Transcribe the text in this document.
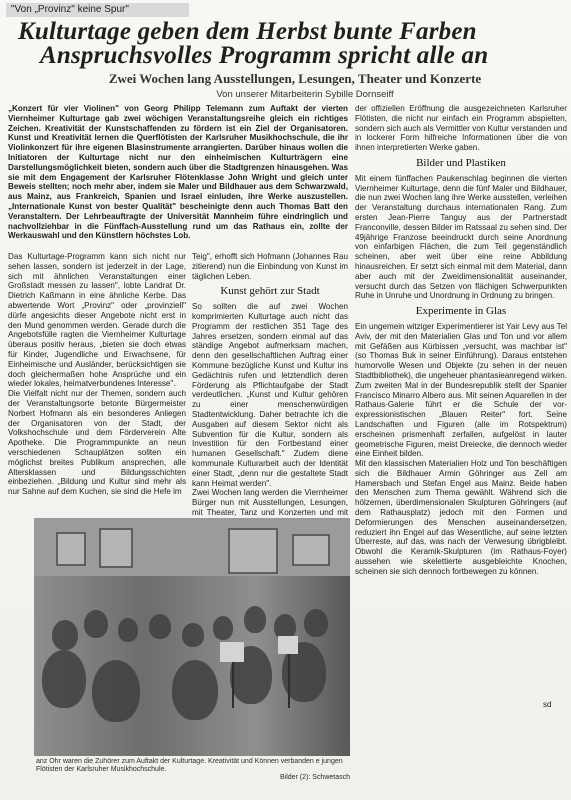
"Von „Provinz" keine Spur"
Kulturtage geben dem Herbst bunte Farben
Anspruchsvolles Programm spricht alle an
Zwei Wochen lang Ausstellungen, Lesungen, Theater und Konzerte
Von unserer Mitarbeiterin Sybille Dornseiff

„Konzert für vier Violinen" von Georg Philipp Telemann zum Auftakt der vierten Viernheimer Kulturtage gab zwei wöchigen Veranstaltungsreihe gleich ein richtiges Zeichen. Kreativität der Kunstschaffenden zu fördern ist ein Ziel der Organisatoren. Kunst und Kreativität lernen die Querflötisten der Karlsruher Musikhochschule, die ihr Violinkonzert für ihre eigenen Blasinstrumente arrangierten. Darüber hinaus wollen die Initiatoren der Kulturtage nicht nur den einheimischen Kulturträgern eine Darstellungsmöglichkeit bieten, sondern auch über die Stadtgrenzen hinausgehen. Was sie mit dem Engagement der Karlsruher Flötenklasse John Wright und gleich unter Beweis stellten; noch mehr aber, indem sie Maler und Bildhauer aus dem Schwarzwald, aus Mainz, aus Frankreich, Spanien und Israel einluden, ihre Werke auszustellen. „Internationale Kunst von bester Qualität" bescheinigte denn auch Thomas Batt den Veranstaltern. Der Lehrbeauftragte der Universität Mannheim führe eindringlich und nachvollziehbar in die Fünffach-Ausstellung rund um das Rathaus ein, zollte der Werkauswahl und den Künstlern höchstes Lob.

Das Kulturtage-Programm kann sich nicht nur sehen lassen, sondern ist jederzeit in der Lage, sich mit ähnlichen Veranstaltungen einer Großstadt messen zu lassen", lobte Landrat Dr. Dietrich Kaßmann in eine ähnliche Kerbe. Das abwertende Wort „Provinz" oder „provinziell" dürfe angesichts dieser Angebote nicht erst in den Mund genommen werden. Gerade durch die Angebotsfülle ragten die Viernheimer Kulturtage überaus positiv heraus, „bieten sie doch etwas für Kinder, Jugendliche und Erwachsene, für Einheimische und Ausländer, berücksichtigen sie doch gleichermaßen hohe Ansprüche und ein wieder lokales, heimatverbundenes Interesse".

Die Vielfalt nicht nur der Themen, sondern auch der Veranstaltungsorte betonte Bürgermeister Norbert Hofmann als ein besonderes Anliegen der Organisatoren von der Stadt, der Volkshochschule und dem Förderverein Alte Apotheke. Die Programmpunkte an neun verschiedenen Schauplätzen sollten ein möglichst breites Publikum ansprechen, alle Altersklassen und Bildungsschichten einbeziehen. „Bildung und Kultur sind mehr als nur Sahne auf dem Kuchen, sie sind die Hefe im

Teig", erhofft sich Hofmann (Johannes Rau zitierend) nun die Einbindung von Kunst im täglichen Leben.

Kunst gehört zur Stadt

So sollten die auf zwei Wochen komprimierten Kulturtage auch nicht das Programm der restlichen 351 Tage des Jahres ersetzen, sondern einmal auf das ständige Angebot aufmerksam machen, denn den gesellschaftlichen Auftrag einer Kommune bezügliche Kunst und Kultur ins Gedächtnis rufen und letztendlich deren Förderung als Pflichtaufgabe der Stadt verdeutlichen. „Kunst und Kultur gehören zu einer menschenwürdigen Stadtentwicklung. Daher betrachte ich die Ausgaben auf diesem Sektor nicht als Subvention für die Kultur, sondern als Investition für den Fortbestand einer humanen Gesellschaft." Zudem diene kommunale Kulturarbeit auch der Identität einer Stadt, „denn nur die gestaltete Stadt kann Heimat werden".

Zwei Wochen lang werden die Viernheimer Bürger nun mit Ausstellungen, Lesungen, mit Theater, Tanz und Konzerten und mit

der offiziellen Eröffnung die ausgezeichneten Karlsruher Flötisten, die nicht nur einfach ein Programm abspielten, sondern sich auch als Vermittler von Kultur verstanden und in lockerer Form hilfreiche Informationen über die von ihnen interpretierten Werke gaben.

Bilder und Plastiken

Mit einem fünffachen Paukenschlag beginnen die vierten Viernheimer Kulturtage, denn die fünf Maler und Bildhauer, die nun zwei Wochen lang ihre Werke ausstellen, verleihen der Veranstaltung durchaus internationalen Rang. Zum ersten Jean-Pierre Tanguy aus der Partnerstadt Franconville, dessen Bilder im Ratssaal zu sehen sind. Der 49jährige Franzose beeindruckt durch seine Anordnung von einfarbigen Flächen, die zum Teil gegenständlich scheinen, aber weit über eine reine Abbildung hinausreichen. Er setzt sich einmal mit dem Material, dann aber auch mit der Zweidimensionalität auseinander, versucht durch das Setzen von flächigen Schwerpunkten Ruhe in Unruhe und Unordnung in Ordnung zu bringen.

Experimente in Glas

Ein ungemein witziger Experimentierer ist Yair Levy aus Tel Aviv, der mit den Materialien Glas und Ton und vor allem mit Gefäßen aus Kürbissen „versucht, was machbar ist" (so Thomas Buk in seiner Einführung). Daraus entstehen humorvolle Wesen und Objekte (zu sehen in der neuen Stadtbibliothek), die ungeheuer phantasieanregend wirken. Zum zweiten Mal in der Bundesrepublik stellt der Spanier Francisco Minarro Albero aus. Mit seinen Aquarellen in der Rathaus-Galerie führt er die Schule der vor-expressionistischen „Blauen Reiter" fort. Seine Landschaften und Figuren (alle im Rotspektrum) erscheinen prismenhaft zerfallen, aufgelöst in lauter geometrische Figuren, meist Dreiecke, die dennoch wieder eine Einheit bilden.

Mit den klassischen Materialien Holz und Ton beschäftigen sich die Bildhauer Armin Göhringer aus Zell am Hamersbach und Stefan Engel aus Mainz. Beide haben den Menschen zum Thema gewählt. Während sich die hölzernen, überdimensionalen Skulpturen Göhringers (auf dem Rathausplatz) jedoch mit den Formen und Deformierungen des Menschen auseinandersetzen, reduziert ihn Engel auf das Wesentliche, auf seine letzten Überreste, auf das, was nach der Verwesung übrigbleibt. Obwohl die Keramik-Skulpturen (im Rathaus-Foyer) aussehen wie skelettierte ausgebleichte Knochen, scheinen sie sich dennoch fortbewegen zu können.

anz Ohr waren die Zuhörer zum Auftakt der Kulturtage. Kreativität und Können verbanden e jungen Flötisten der Karlsruher Musikhochschule.
Bilder (2): Schwetasch
sd
